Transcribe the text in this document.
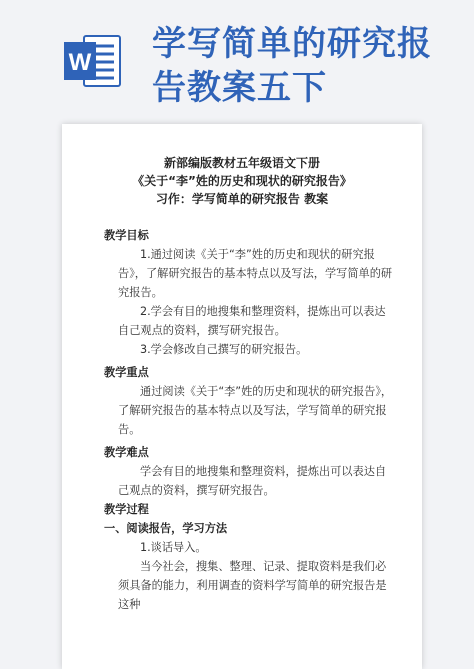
W 学写简单的研究报
告教案五下
新部编版教材五年级语文下册
《关于“李”姓的历史和现状的研究报告》
习作：学写简单的研究报告 教案
教学目标

1.通过阅读《关于“李”姓的历史和现状的研究报告》，了解研究报告的基本特点以及写法，学写简单的研究报告。

2.学会有目的地搜集和整理资料，提炼出可以表达自己观点的资料，撰写研究报告。

3.学会修改自己撰写的研究报告。

教学重点

通过阅读《关于“李”姓的历史和现状的研究报告》，了解研究报告的基本特点以及写法，学写简单的研究报告。

教学难点

学会有目的地搜集和整理资料，提炼出可以表达自己观点的资料，撰写研究报告。

教学过程
一、阅读报告，学习方法

1.谈话导入。

当今社会，搜集、整理、记录、提取资料是我们必须具备的能力，利用调查的资料学写简单的研究报告是这种
